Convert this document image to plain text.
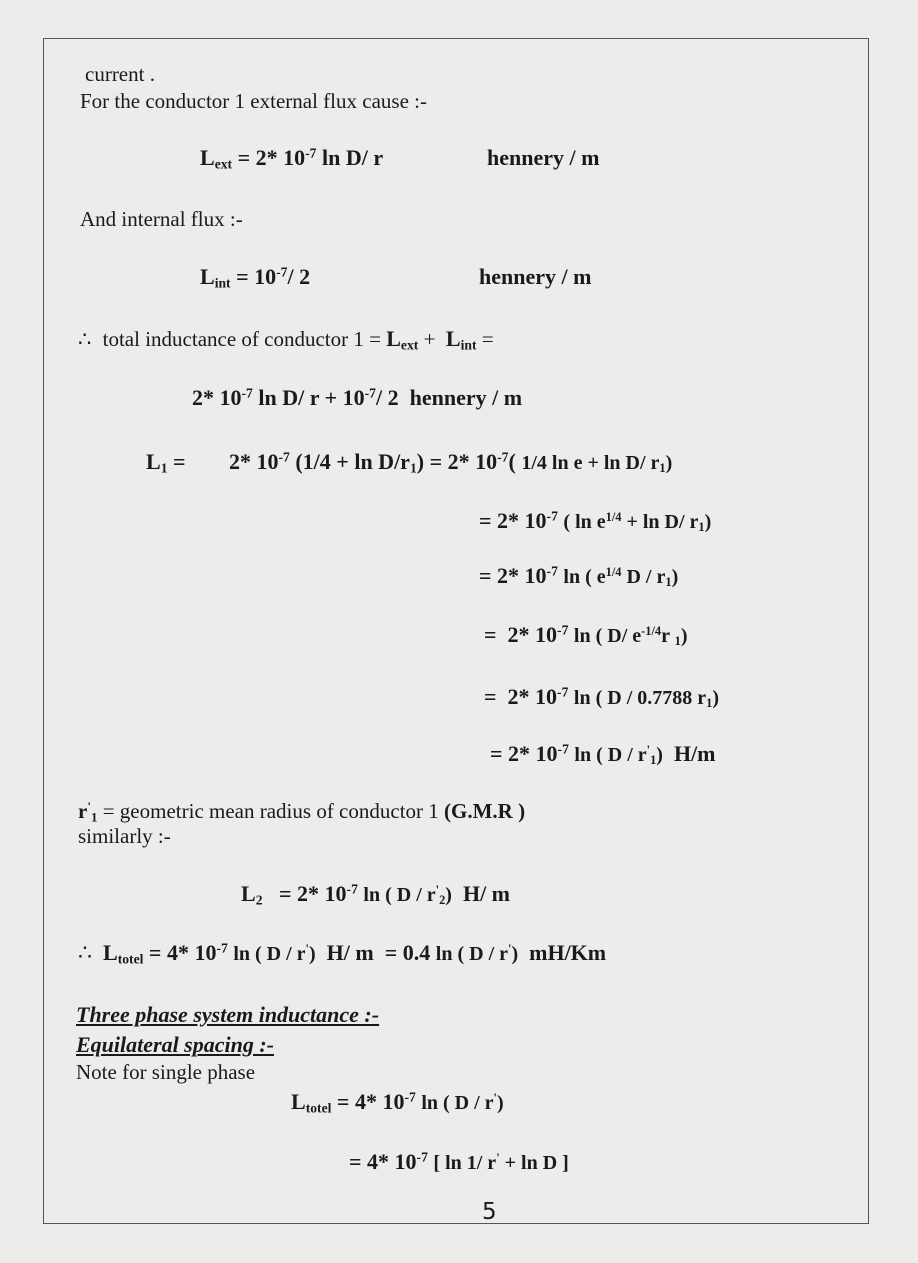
current .
For the conductor 1 external flux cause :-
$L_{ext} = 2*$ $10^{-7}$ ln D/ r	hennery / m
And internal flux :-
$L_{int} = 10^{-7}/$ 2	hennery / m
∴ total inductance of conductor $1 = L_{ext} + L_{int}$ =
2* $10^{-7}$ ln D/ $r + 10^{-7}/$ 2  hennery / m
$L_1 = 2*$ $10^{-7}$ $(1/4 + \ln D/r_1) = 2*$ $10^{-7}$( 1/4 ln e + ln D/ $r_1$)
= 2* $10^{-7}$ ( $\ln e^{1/4} + \ln D/$ $r_1$)
= 2* $10^{-7}$ ln ( $e^{1/4}$ D / $r_1$)
=  2* $10^{-7}$ ln ( D/ $e^{-1/4}r$ $_1$)
=  2* $10^{-7}$ ln ( D / 0.7788 $r_1$)
= 2* $10^{-7}$ ln ( D / $r'_1$) H/m
$r'_1$ = geometric mean radius of conductor 1 (G.M.R )
similarly :-
$L_2 = 2*$ $10^{-7}$ ln ( D / $r'_2$) H/ m
∴  $L_{totel} = 4*$ $10^{-7}$ ln ( D / r') H/ m  = 0.4 ln ( D / r') mH/Km
Three phase system inductance :-
Equilateral spacing :-
Note for single phase
$L_{totel} = 4*$ $10^{-7}$ ln ( D / r')
= 4* $10^{-7}$ [ ln 1/ r' + ln D ]
5
